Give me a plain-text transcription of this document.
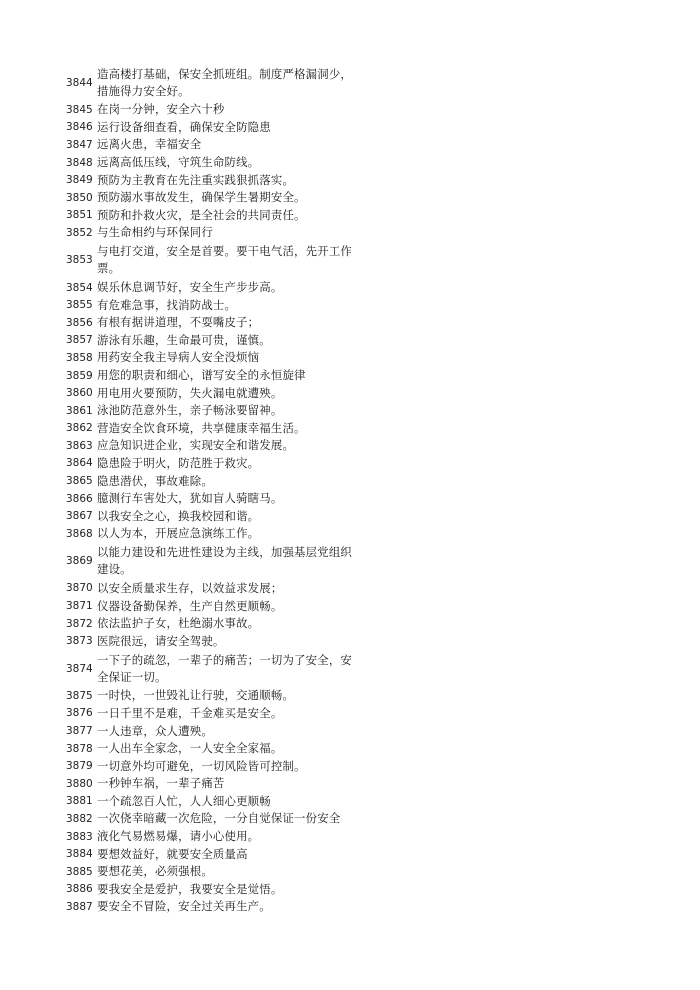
3844
造高楼打基础，保安全抓班组。制度严格漏洞少，措施得力安全好。
3845 在岗一分钟，安全六十秒
3846 运行设备细查看，确保安全防隐患
3847 远离火患，幸福安全
3848 远离高低压线，守筑生命防线。
3849 预防为主教育在先注重实践狠抓落实。
3850 预防溺水事故发生，确保学生暑期安全。
3851 预防和扑救火灾，是全社会的共同责任。
3852 与生命相约与环保同行
3853
与电打交道，安全是首要。要干电气活，先开工作票。
3854 娱乐休息调节好，安全生产步步高。
3855 有危难急事，找消防战士。
3856 有根有据讲道理，不耍嘴皮子；
3857 游泳有乐趣，生命最可贵，谨慎。
3858 用药安全我主导病人安全没烦恼
3859 用您的职责和细心，谱写安全的永恒旋律
3860 用电用火要预防，失火漏电就遭殃。
3861 泳池防范意外生，亲子畅泳要留神。
3862 营造安全饮食环境，共享健康幸福生活。
3863 应急知识进企业，实现安全和谐发展。
3864 隐患险于明火，防范胜于救灾。
3865 隐患潜伏，事故难除。
3866 臆测行车害处大，犹如盲人骑瞎马。
3867 以我安全之心，换我校园和谐。
3868 以人为本，开展应急演练工作。
3869
以能力建设和先进性建设为主线，加强基层党组织建设。
3870 以安全质量求生存，以效益求发展；
3871 仪器设备勤保养，生产自然更顺畅。
3872 依法监护子女，杜绝溺水事故。
3873 医院很远，请安全驾驶。
3874
一下子的疏忽，一辈子的痛苦；一切为了安全，安全保证一切。
3875 一时快，一世毁礼让行驶，交通顺畅。
3876 一日千里不是难，千金难买是安全。
3877 一人违章，众人遭殃。
3878 一人出车全家念，一人安全全家福。
3879 一切意外均可避免，一切风险皆可控制。
3880 一秒钟车祸，一辈子痛苦
3881 一个疏忽百人忙，人人细心更顺畅
3882 一次侥幸暗藏一次危险，一分自觉保证一份安全
3883 液化气易燃易爆，请小心使用。
3884 要想效益好，就要安全质量高
3885 要想花美，必须强根。
3886 要我安全是爱护，我要安全是觉悟。
3887 要安全不冒险，安全过关再生产。
